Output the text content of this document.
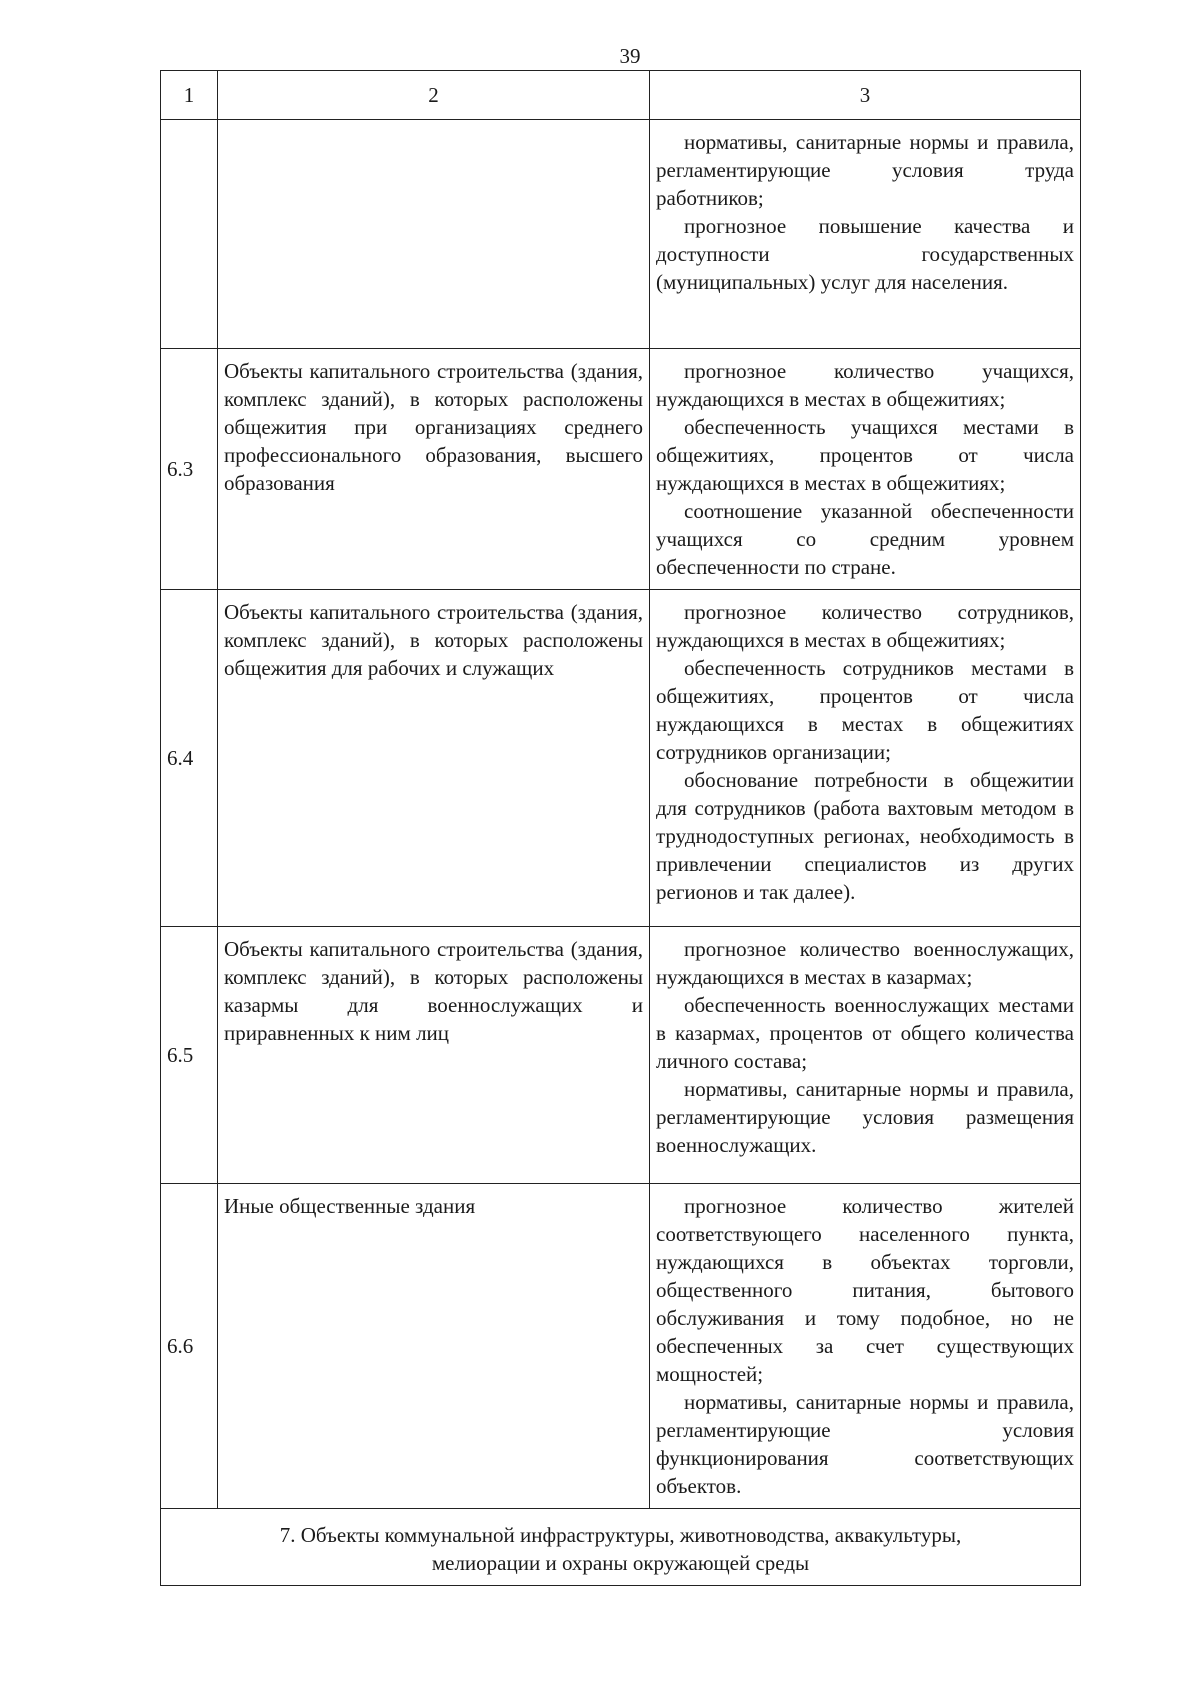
39
1	2	3

		нормативы, санитарные нормы и правила, регламентирующие условия труда работников;

прогнозное повышение качества и доступности государственных (муниципальных) услуг для населения.

6.3	Объекты капитального строительства (здания, комплекс зданий), в которых расположены общежития при организациях среднего профессионального образования, высшего образования	прогнозное количество учащихся, нуждающихся в местах в общежитиях;

обеспеченность учащихся местами в общежитиях, процентов от числа нуждающихся в местах в общежитиях;

соотношение указанной обеспеченности учащихся со средним уровнем обеспеченности по стране.

6.4	Объекты капитального строительства (здания, комплекс зданий), в которых расположены общежития для рабочих и служащих	прогнозное количество сотрудников, нуждающихся в местах в общежитиях;

обеспеченность сотрудников местами в общежитиях, процентов от числа нуждающихся в местах в общежитиях сотрудников организации;

обоснование потребности в общежитии для сотрудников (работа вахтовым методом в труднодоступных регионах, необходимость в привлечении специалистов из других регионов и так далее).

6.5	Объекты капитального строительства (здания, комплекс зданий), в которых расположены казармы для военнослужащих и приравненных к ним лиц	прогнозное количество военнослужащих, нуждающихся в местах в казармах;

обеспеченность военнослужащих местами в казармах, процентов от общего количества личного состава;

нормативы, санитарные нормы и правила, регламентирующие условия размещения военнослужащих.

6.6	Иные общественные здания	прогнозное количество жителей соответствующего населенного пункта, нуждающихся в объектах торговли, общественного питания, бытового обслуживания и тому подобное, но не обеспеченных за счет существующих мощностей;

нормативы, санитарные нормы и правила, регламентирующие условия функционирования соответствующих объектов.

7. Объекты коммунальной инфраструктуры, животноводства, аквакультуры,
мелиорации и охраны окружающей среды		
